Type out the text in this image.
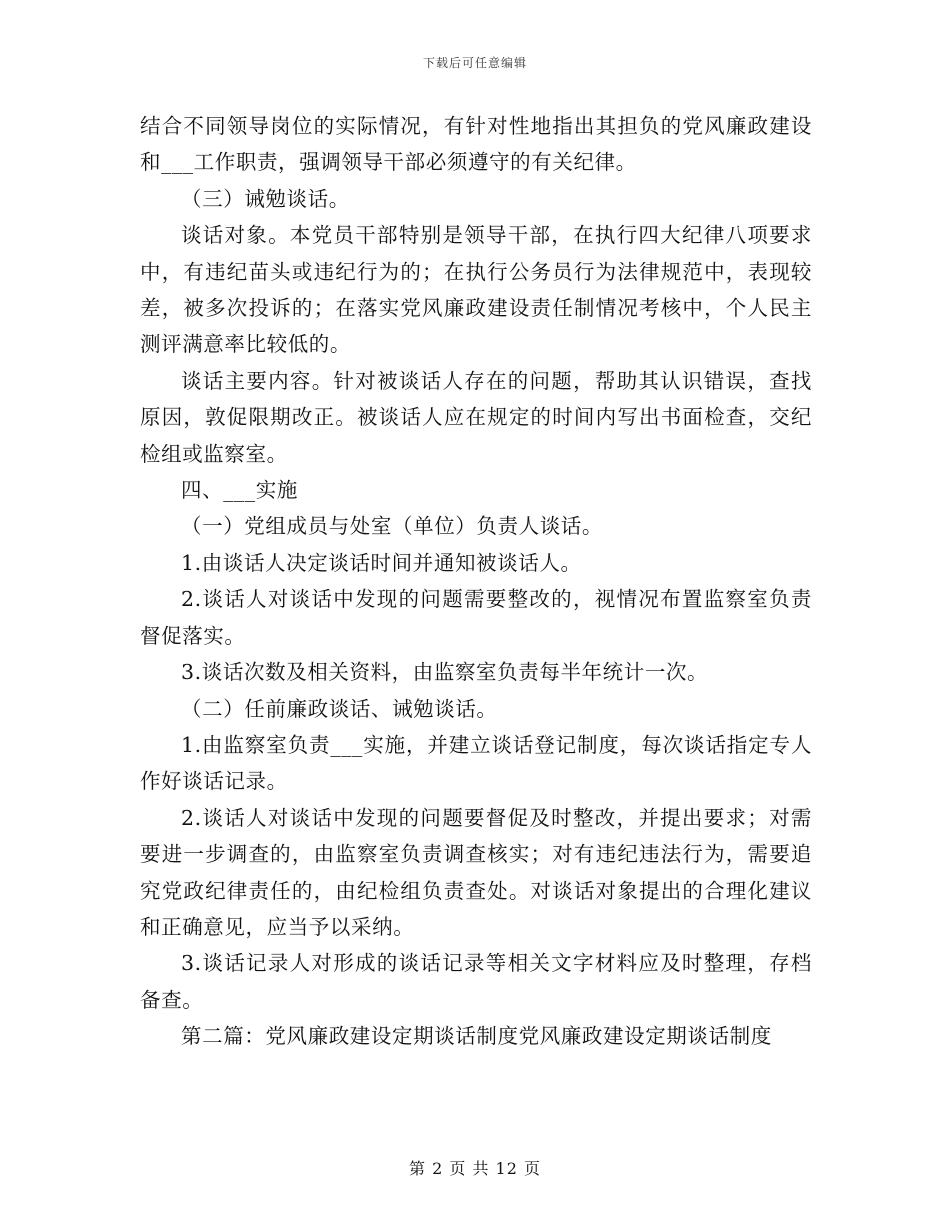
下载后可任意编辑

结合不同领导岗位的实际情况，有针对性地指出其担负的党风廉政建设和___工作职责，强调领导干部必须遵守的有关纪律。

（三）诫勉谈话。

谈话对象。本党员干部特别是领导干部，在执行四大纪律八项要求中，有违纪苗头或违纪行为的；在执行公务员行为法律规范中，表现较差，被多次投诉的；在落实党风廉政建设责任制情况考核中，个人民主测评满意率比较低的。

谈话主要内容。针对被谈话人存在的问题，帮助其认识错误，查找原因，敦促限期改正。被谈话人应在规定的时间内写出书面检查，交纪检组或监察室。

四、___实施

（一）党组成员与处室（单位）负责人谈话。

1.由谈话人决定谈话时间并通知被谈话人。

2.谈话人对谈话中发现的问题需要整改的，视情况布置监察室负责督促落实。

3.谈话次数及相关资料，由监察室负责每半年统计一次。

（二）任前廉政谈话、诫勉谈话。

1.由监察室负责___实施，并建立谈话登记制度，每次谈话指定专人作好谈话记录。

2.谈话人对谈话中发现的问题要督促及时整改，并提出要求；对需要进一步调查的，由监察室负责调查核实；对有违纪违法行为，需要追究党政纪律责任的，由纪检组负责查处。对谈话对象提出的合理化建议和正确意见，应当予以采纳。

3.谈话记录人对形成的谈话记录等相关文字材料应及时整理，存档备查。

第二篇：党风廉政建设定期谈话制度党风廉政建设定期谈话制度

第 2 页 共 12 页
